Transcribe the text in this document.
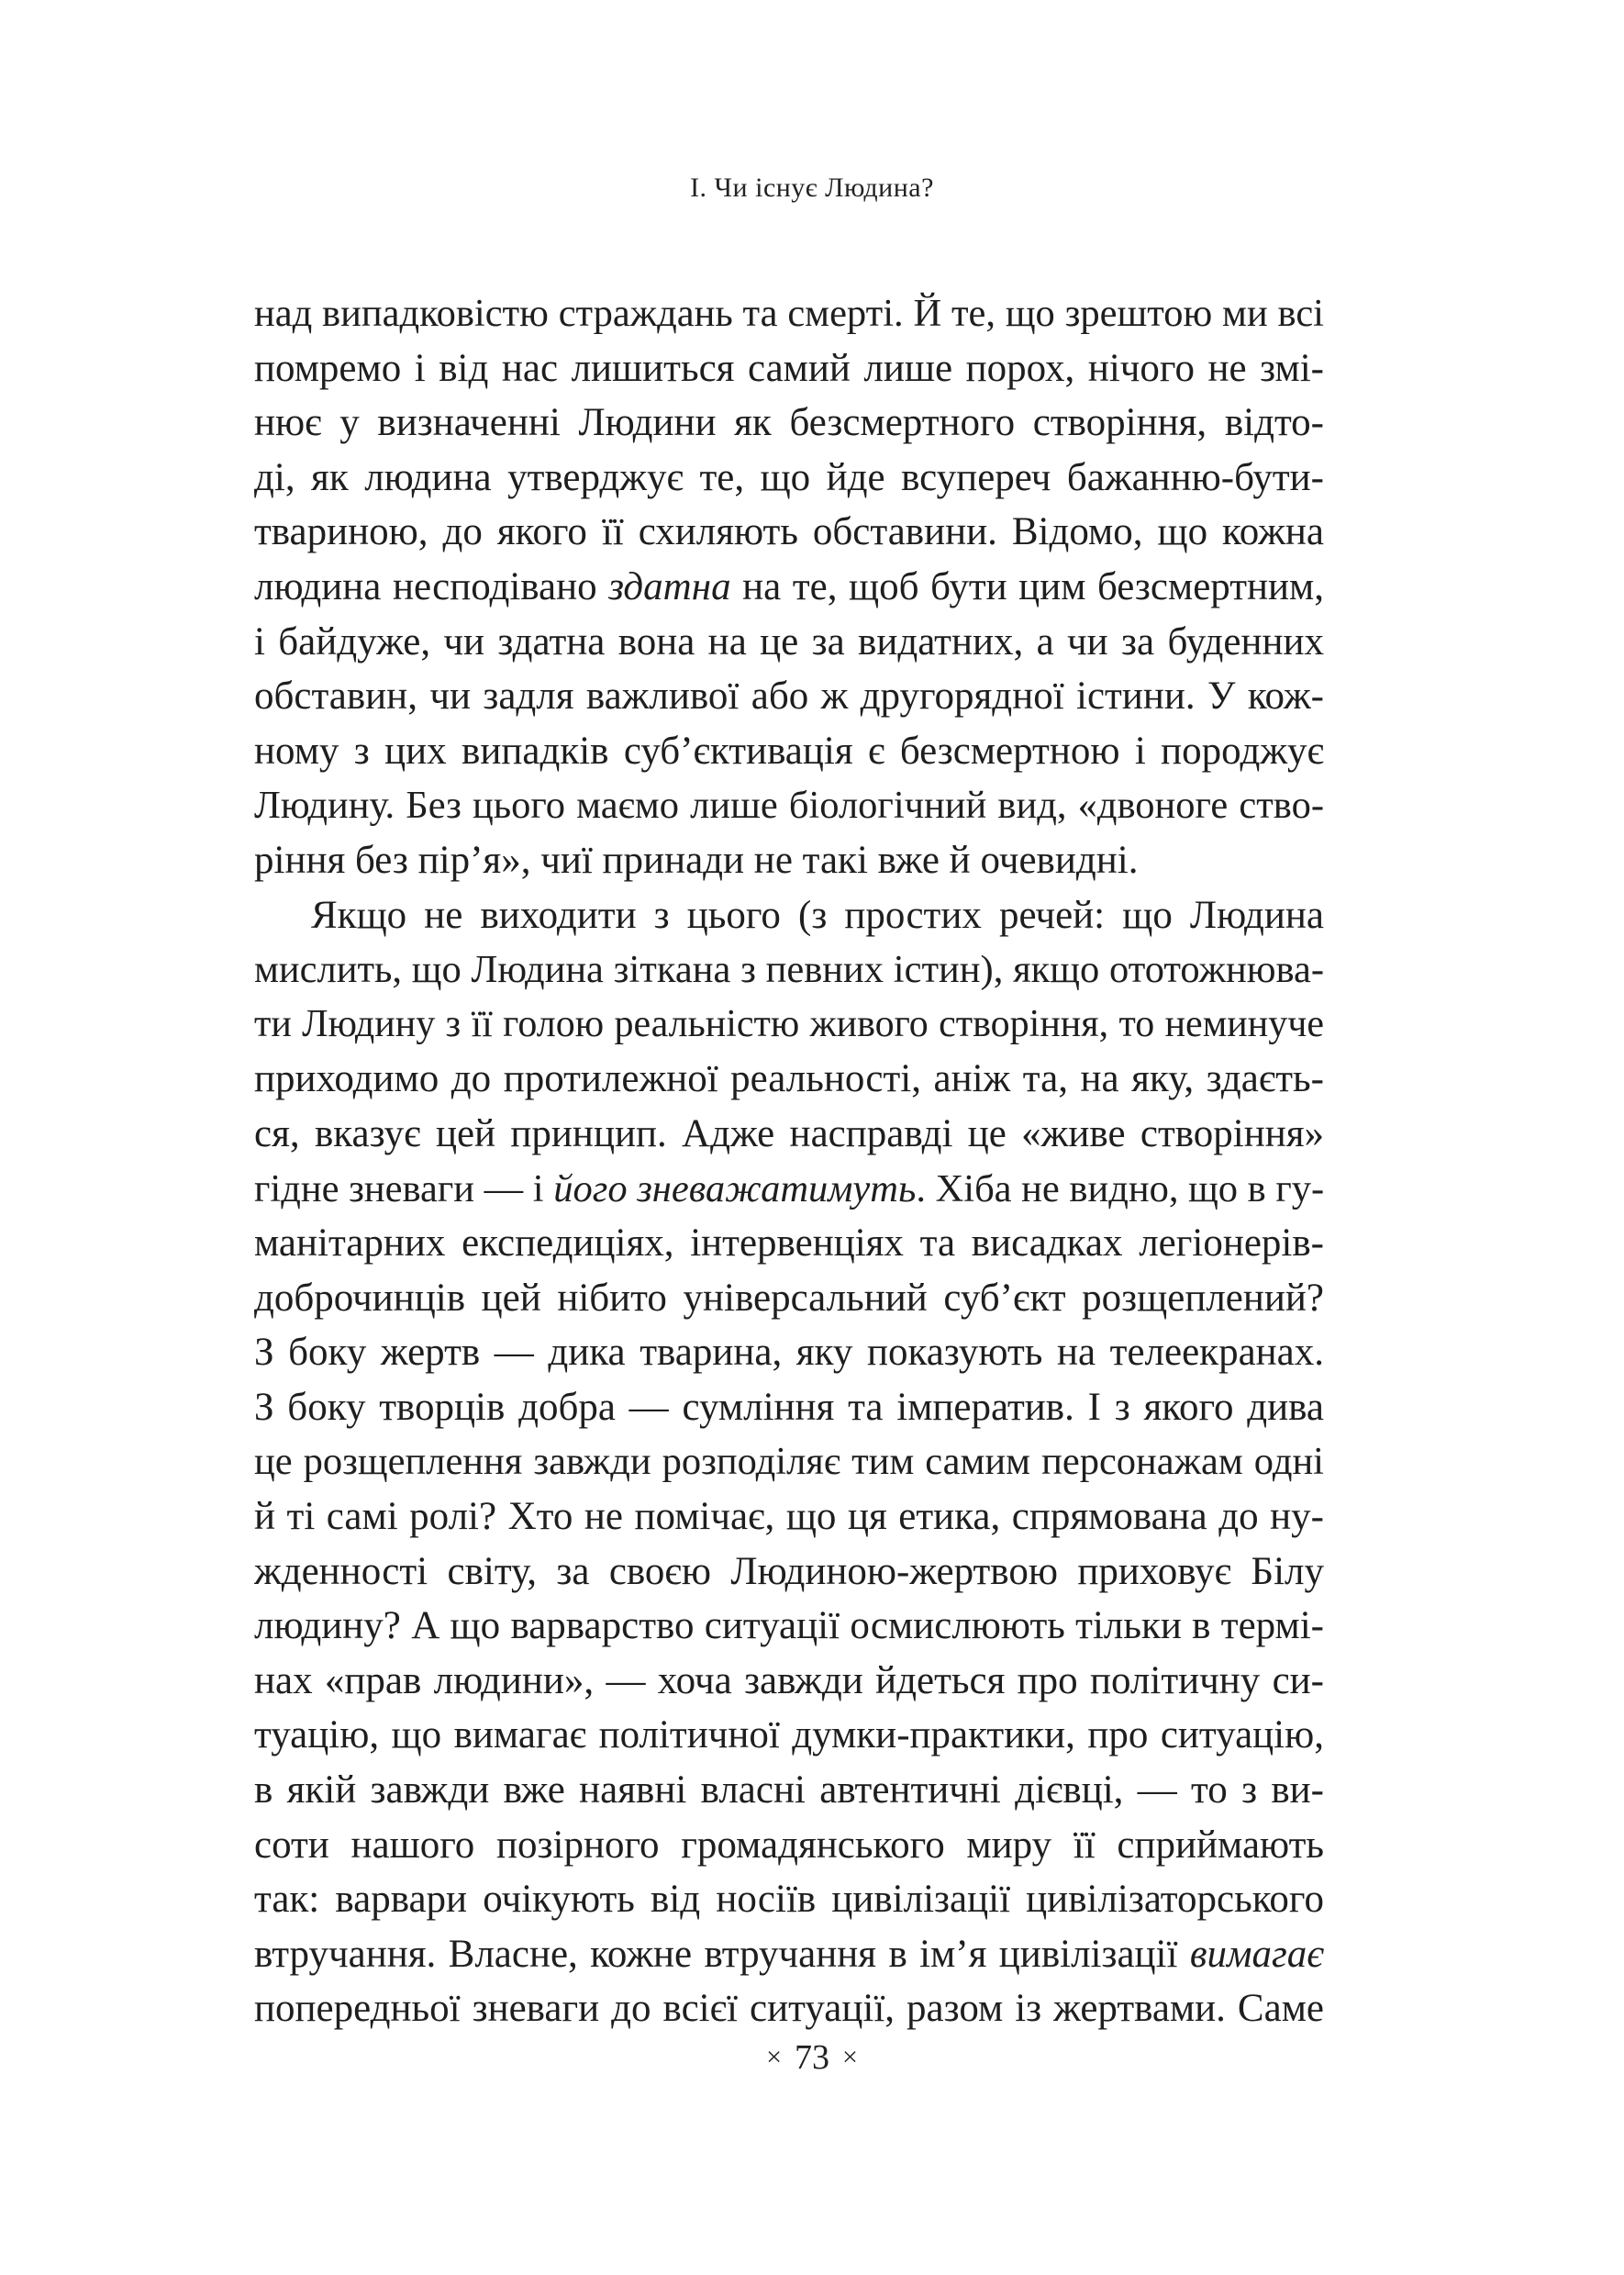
I. Чи існує Людина?
над випадковістю страждань та смерті. Й те, що зрештою ми всі
помремо і від нас лишиться самий лише порох, нічого не змі-
нює у визначенні Людини як безсмертного створіння, відто-
ді, як людина утверджує те, що йде всупереч бажанню-бути-
твариною, до якого її схиляють обставини. Відомо, що кожна
людина несподівано здатна на те, щоб бути цим безсмертним,
і байдуже, чи здатна вона на це за видатних, а чи за буденних
обставин, чи задля важливої або ж другорядної істини. У кож-
ному з цих випадків суб’єктивація є безсмертною і породжує
Людину. Без цього маємо лише біологічний вид, «двоноге ство-
ріння без пір’я», чиї принади не такі вже й очевидні.
Якщо не виходити з цього (з простих речей: що Людина
мислить, що Людина зіткана з певних істин), якщо ототожнюва-
ти Людину з її голою реальністю живого створіння, то неминуче
приходимо до протилежної реальності, аніж та, на яку, здаєть-
ся, вказує цей принцип. Адже насправді це «живе створіння»
гідне зневаги — і його зневажатимуть. Хіба не видно, що в гу-
манітарних експедиціях, інтервенціях та висадках легіонерів-
доброчинців цей нібито універсальний суб’єкт розщеплений?
З боку жертв — дика тварина, яку показують на телеекранах.
З боку творців добра — сумління та імператив. І з якого дива
це розщеплення завжди розподіляє тим самим персонажам одні
й ті самі ролі? Хто не помічає, що ця етика, спрямована до ну-
жденності світу, за своєю Людиною-жертвою приховує Білу
людину? А що варварство ситуації осмислюють тільки в термі-
нах «прав людини», — хоча завжди йдеться про політичну си-
туацію, що вимагає політичної думки-практики, про ситуацію,
в якій завжди вже наявні власні автентичні дієвці, — то з ви-
соти нашого позірного громадянського миру її сприймають
так: варвари очікують від носіїв цивілізації цивілізаторського
втручання. Власне, кожне втручання в ім’я цивілізації вимагає
попередньої зневаги до всієї ситуації, разом із жертвами. Саме
× 73 ×
